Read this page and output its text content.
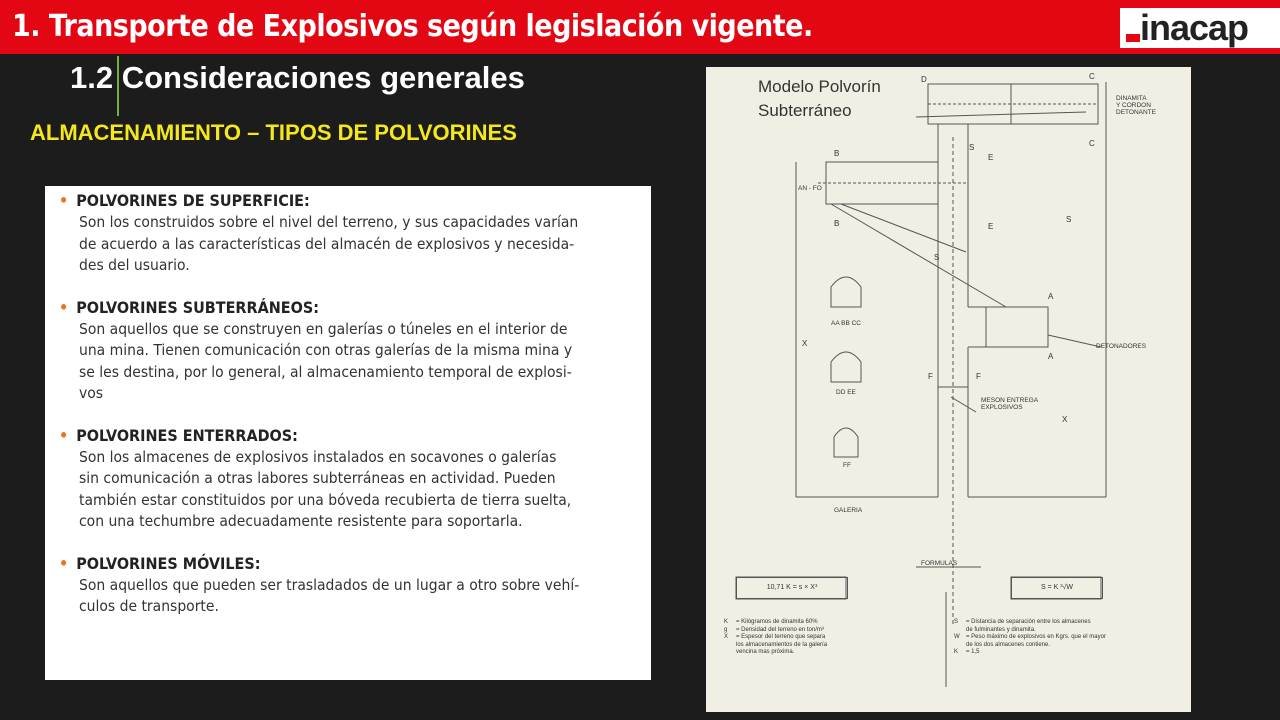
1. Transporte de Explosivos según legislación vigente.	inacap
1.2 Consideraciones generales
ALMACENAMIENTO – TIPOS DE POLVORINES
• POLVORINES DE SUPERFICIE:
Son los construidos sobre el nivel del terreno, y sus capacidades varían
de acuerdo a las características del almacén de explosivos y necesida-
des del usuario.
• POLVORINES SUBTERRÁNEOS:
Son aquellos que se construyen en galerías o túneles en el interior de
una mina. Tienen comunicación con otras galerías de la misma mina y
se les destina, por lo general, al almacenamiento temporal de explosi-
vos
• POLVORINES ENTERRADOS:
Son los almacenes de explosivos instalados en socavones o galerías
sin comunicación a otras labores subterráneas en actividad. Pueden
también estar constituidos por una bóveda recubierta de tierra suelta,
con una techumbre adecuadamente resistente para soportarla.
• POLVORINES MÓVILES:
Son aquellos que pueden ser trasladados de un lugar a otro sobre vehí-
culos de transporte.
Modelo Polvorín
Subterráneo
DINAMITA
Y CORDON
DETONANTE
DETONADORES
MESON ENTREGA
EXPLOSIVOS
GALERIA
AN - FO
AA BB CC
DD EE
FF
FORMULAS
D	C
C
B
B
E
E
S
S
S
A
A
X
X
F	F
10,71 K = s × X³	S = K ³√W
K	= Kilógramos de dinamita 60%
g	= Densidad del terreno en ton/m³
X	= Espesor del terreno que separa
los almacenamientos de la galería
vencina mas próxima.
S	= Distancia de separación entre los almacenes
de fulminantes y dinamita.
W	= Peso máximo de explosivos en Kgrs. que el mayor
de los dos almacenes contiene.
K	= 1,5
